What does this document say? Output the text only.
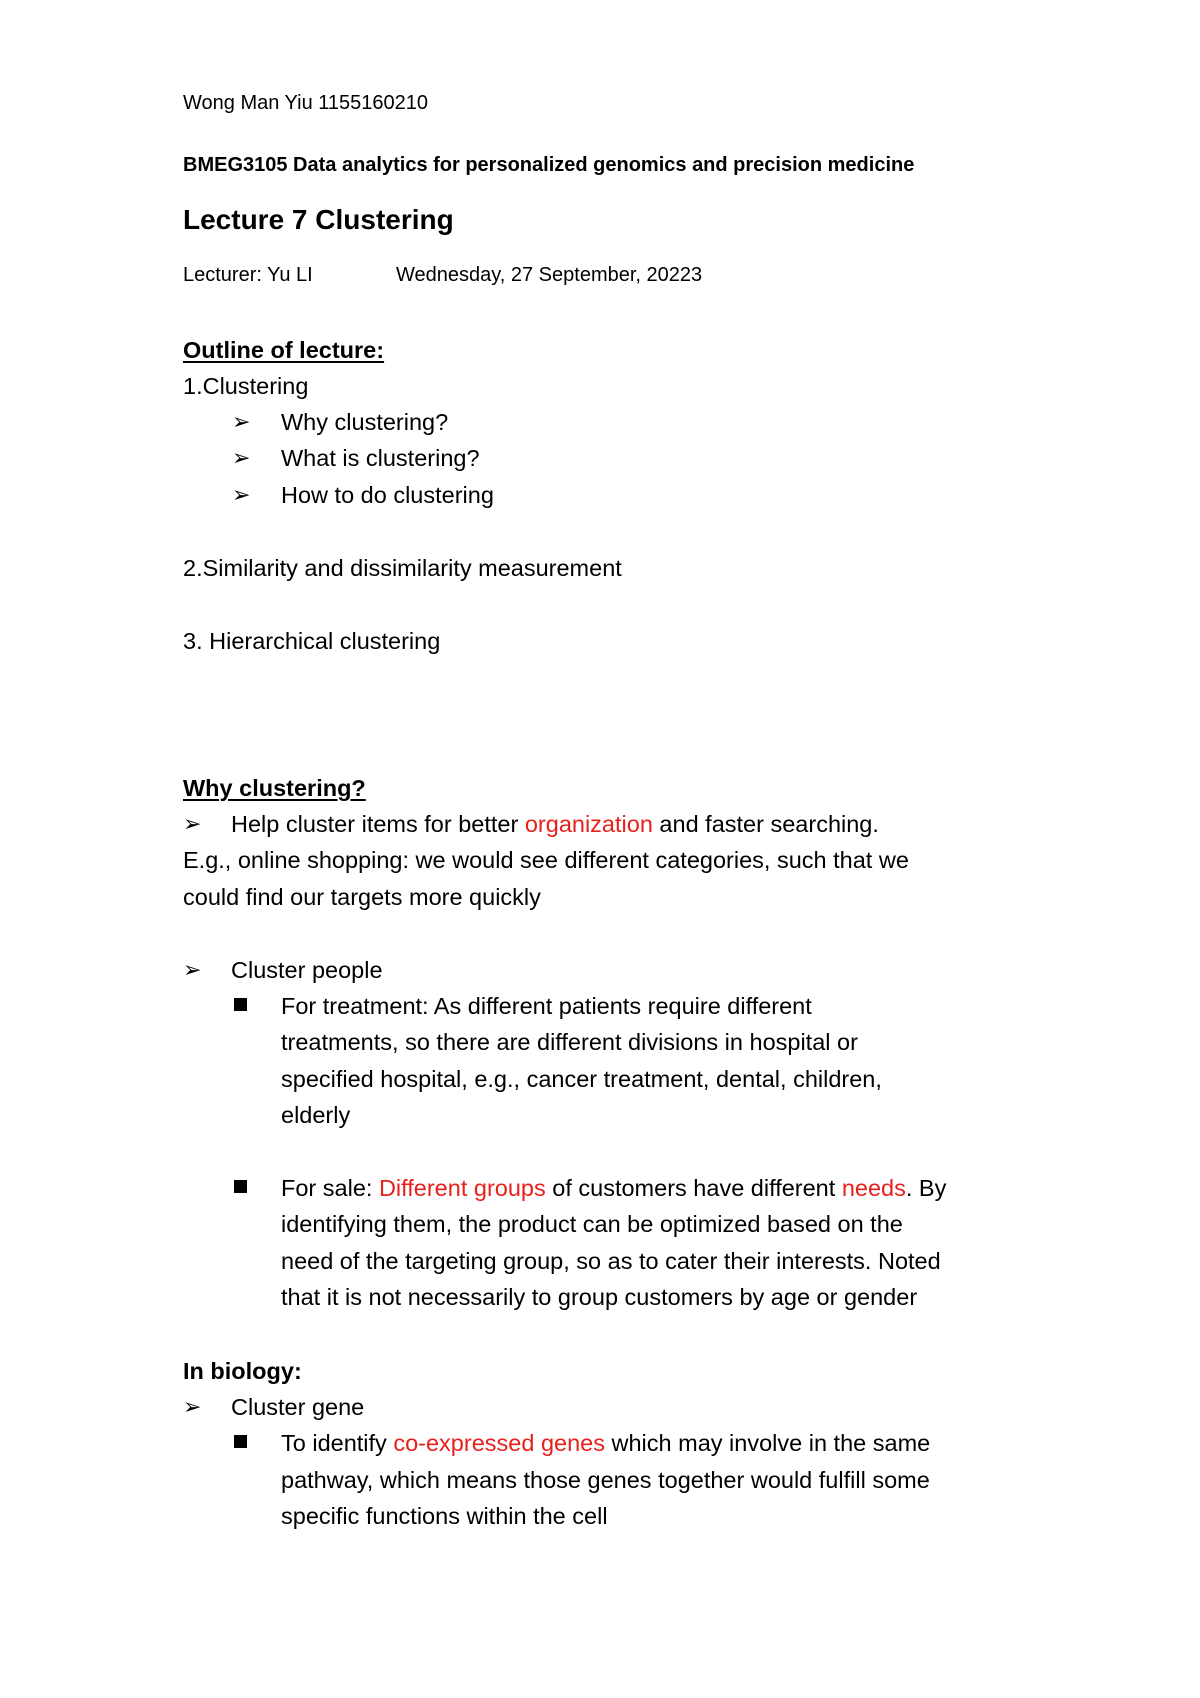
Wong Man Yiu 1155160210
BMEG3105 Data analytics for personalized genomics and precision medicine
Lecture 7 Clustering
Lecturer: Yu LI	Wednesday, 27 September, 20223
Outline of lecture:
1.Clustering
➢ Why clustering?
➢ What is clustering?
➢ How to do clustering
2.Similarity and dissimilarity measurement
3. Hierarchical clustering
Why clustering?
➢ Help cluster items for better organization and faster searching.
E.g., online shopping: we would see different categories, such that we
could find our targets more quickly
➢ Cluster people
For treatment: As different patients require different
treatments, so there are different divisions in hospital or
specified hospital, e.g., cancer treatment, dental, children,
elderly
For sale: Different groups of customers have different needs. By
identifying them, the product can be optimized based on the
need of the targeting group, so as to cater their interests. Noted
that it is not necessarily to group customers by age or gender
In biology:
➢ Cluster gene
To identify co-expressed genes which may involve in the same
pathway, which means those genes together would fulfill some
specific functions within the cell
